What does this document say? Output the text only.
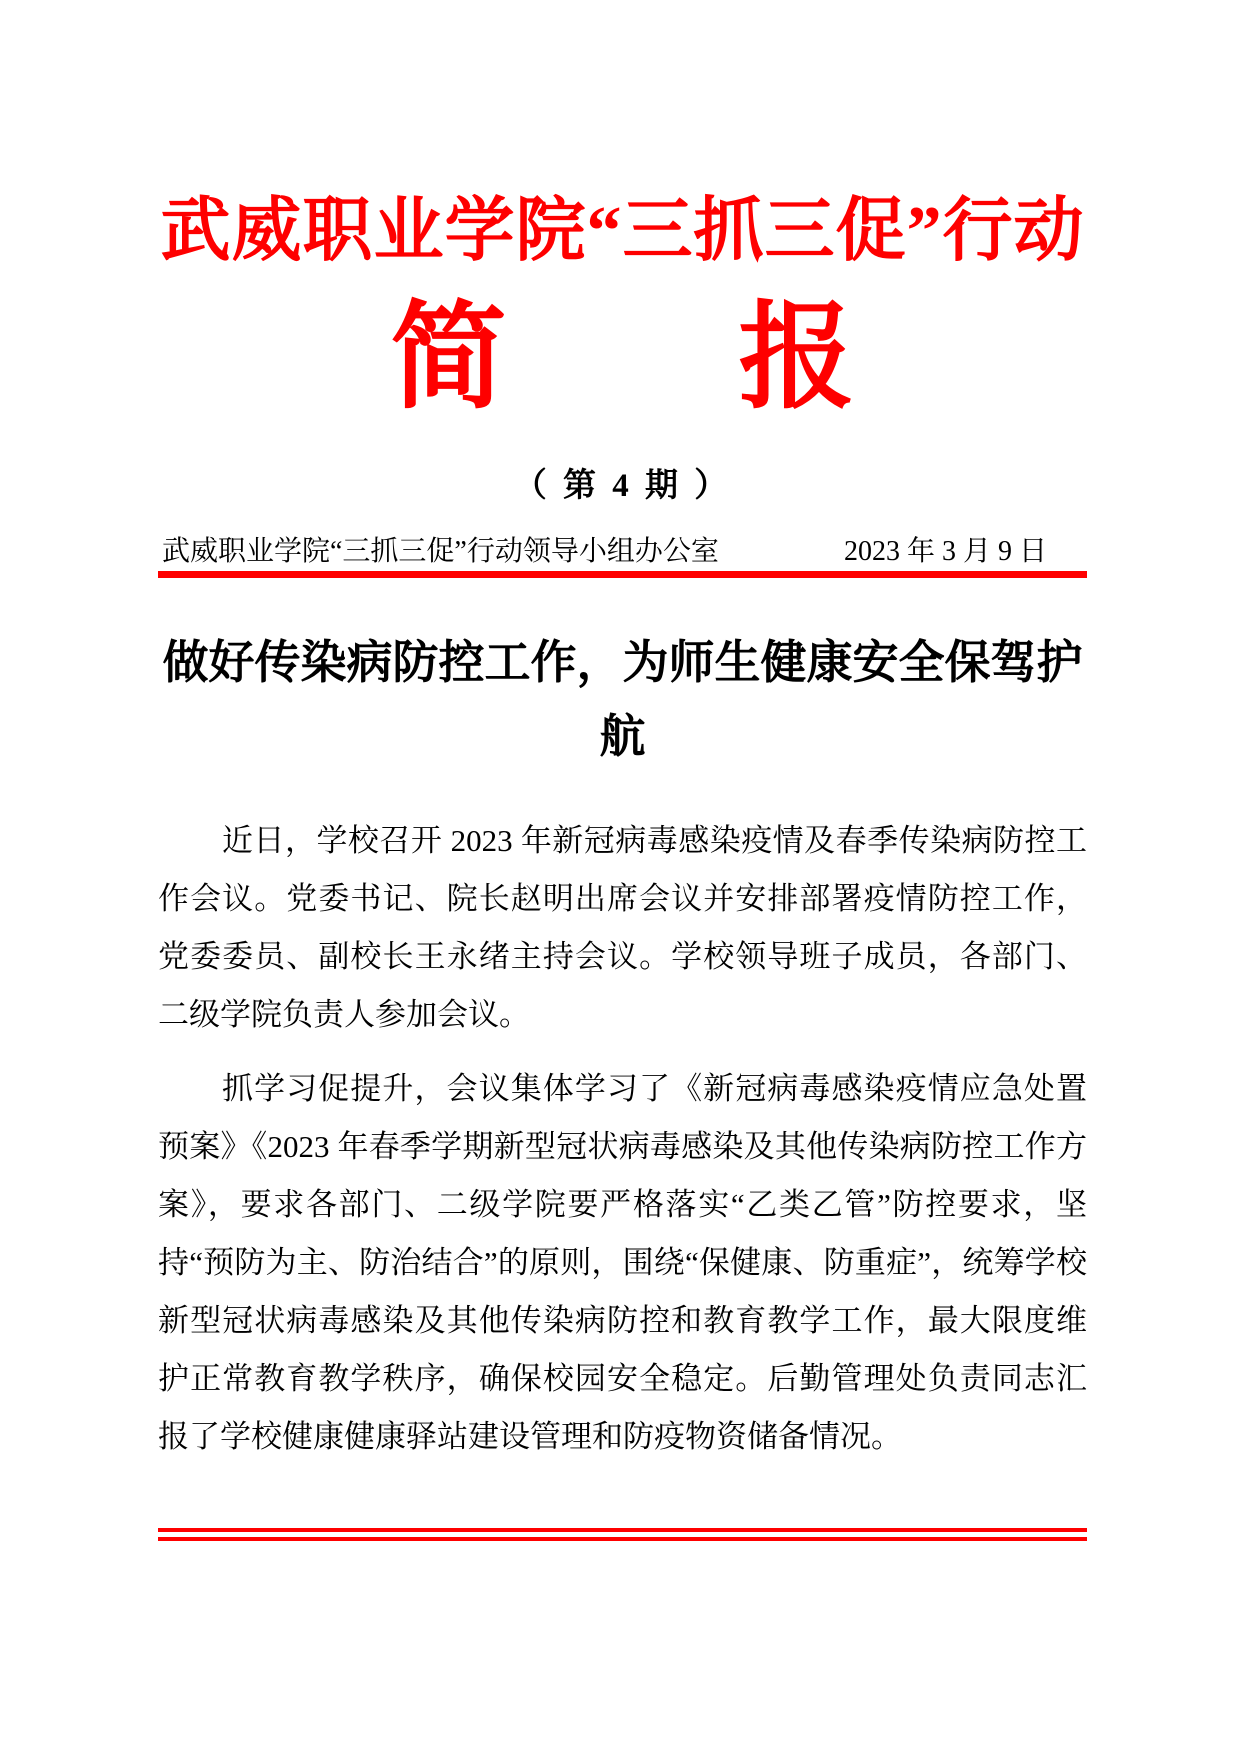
武威职业学院“三抓三促”行动
简　　报
（ 第 4 期 ）
武威职业学院“三抓三促”行动领导小组办公室	2023 年 3 月 9 日
做好传染病防控工作，为师生健康安全保驾护航

近日，学校召开 2023 年新冠病毒感染疫情及春季传染病防控工作会议。党委书记、院长赵明出席会议并安排部署疫情防控工作，党委委员、副校长王永绪主持会议。学校领导班子成员，各部门、二级学院负责人参加会议。

抓学习促提升，会议集体学习了《新冠病毒感染疫情应急处置预案》《2023 年春季学期新型冠状病毒感染及其他传染病防控工作方案》，要求各部门、二级学院要严格落实“乙类乙管”防控要求，坚持“预防为主、防治结合”的原则，围绕“保健康、防重症”，统筹学校新型冠状病毒感染及其他传染病防控和教育教学工作，最大限度维护正常教育教学秩序，确保校园安全稳定。后勤管理处负责同志汇报了学校健康健康驿站建设管理和防疫物资储备情况。
